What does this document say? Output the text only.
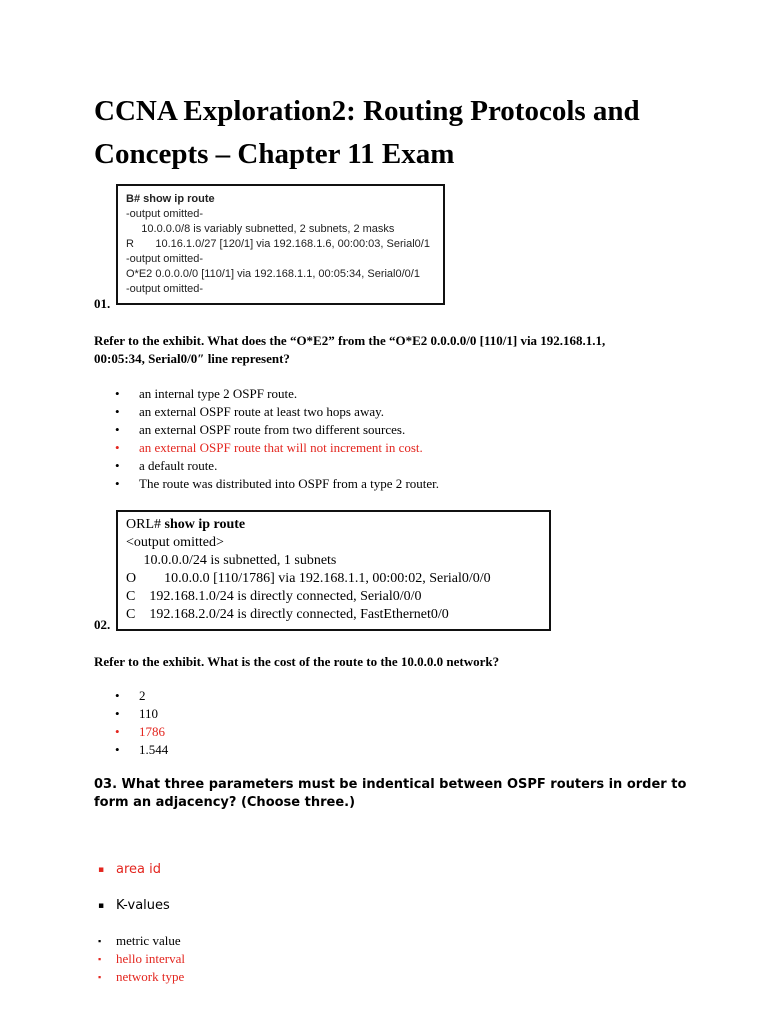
CCNA Exploration2: Routing Protocols and Concepts – Chapter 11 Exam
B# show ip route
-output omitted-
10.0.0.0/8 is variably subnetted, 2 subnets, 2 masks
R       10.16.1.0/27 [120/1] via 192.168.1.6, 00:00:03, Serial0/1
-output omitted-
O*E2 0.0.0.0/0 [110/1] via 192.168.1.1, 00:05:34, Serial0/0/1
-output omitted-
01.
Refer to the exhibit. What does the “O*E2” from the “O*E2 0.0.0.0/0 [110/1] via 192.168.1.1, 00:05:34, Serial0/0″ line represent?
• an internal type 2 OSPF route.
• an external OSPF route at least two hops away.
• an external OSPF route from two different sources.
• an external OSPF route that will not increment in cost.
• a default route.
• The route was distributed into OSPF from a type 2 router.
ORL# show ip route
<output omitted>
10.0.0.0/24 is subnetted, 1 subnets
O        10.0.0.0 [110/1786] via 192.168.1.1, 00:00:02, Serial0/0/0
C    192.168.1.0/24 is directly connected, Serial0/0/0
C    192.168.2.0/24 is directly connected, FastEthernet0/0
02.
Refer to the exhibit. What is the cost of the route to the 10.0.0.0 network?
• 2
• 110
• 1786
• 1.544
03. What three parameters must be indentical between OSPF routers in order to form an adjacency? (Choose three.)
▪ area id
▪ K-values
▪ metric value
▪ hello interval
▪ network type
